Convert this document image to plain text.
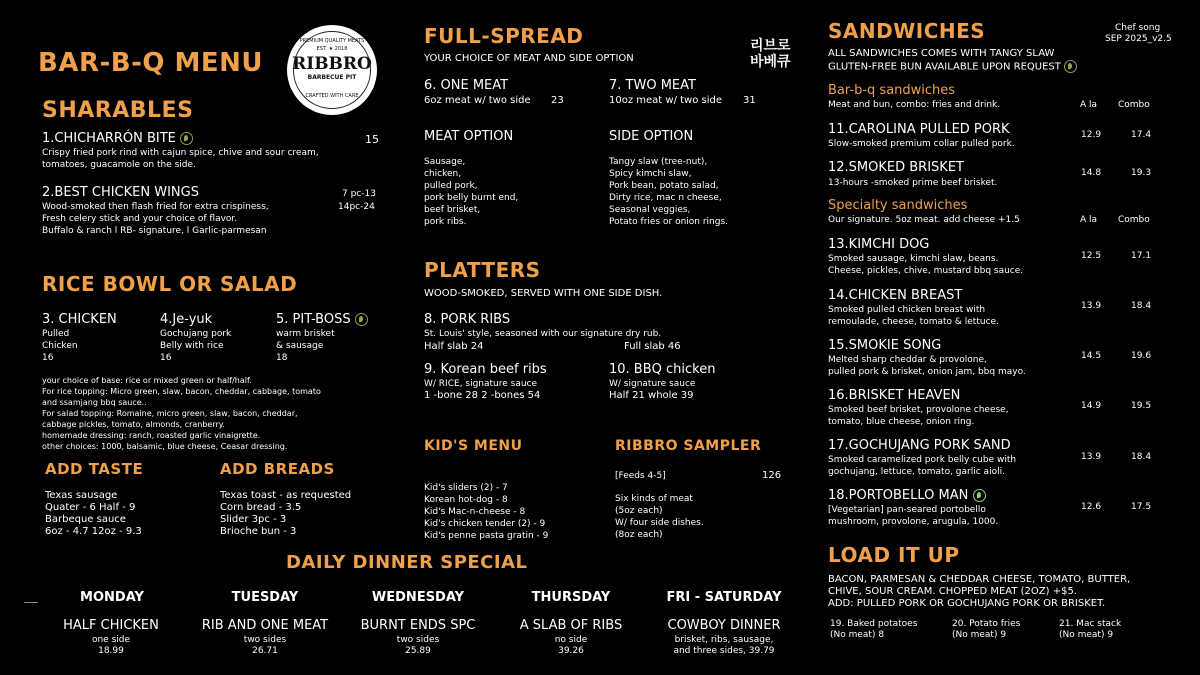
BAR-B-Q MENU
PREMIUM QUALITY MEATS
EST. ★ 2018
RIBBRO
BARBECUE PIT
CRAFTED WITH CARE
SHARABLES
1.CHICHARRÓN BITE	15
Crispy fried pork rind with cajun spice, chive and sour cream,
tomatoes, guacamole on the side.
2.BEST CHICKEN WINGS	7 pc-13
14pc-24
Wood-smoked then flash fried for extra crispiness,
Fresh celery stick and your choice of flavor.
Buffalo & ranch l RB- signature, l Garlic-parmesan
RICE BOWL OR SALAD
3. CHICKEN
Pulled
Chicken
16
4.Je-yuk
Gochujang pork
Belly with rice
16
5. PIT-BOSS
warm brisket
& sausage
18
your choice of base: rice or mixed green or half/half.
For rice topping: Micro green, slaw, bacon, cheddar, cabbage, tomato
and ssamjang bbq sauce..
For salad topping: Romaine, micro green, slaw, bacon, cheddar,
cabbage pickles, tomato, almonds, cranberry.
homemade dressing: ranch, roasted garlic vinaigrette.
other choices: 1000, balsamic, blue cheese, Ceasar dressing.
ADD TASTE
Texas sausage
Quater - 6 Half - 9
Barbeque sauce
6oz - 4.7 12oz - 9.3
ADD BREADS
Texas toast - as requested
Corn bread - 3.5
Slider 3pc - 3
Brioche bun - 3
FULL-SPREAD
YOUR CHOICE OF MEAT AND SIDE OPTION
리브로
바베큐
6. ONE MEAT
6oz meat w/ two side 23
7. TWO MEAT
10oz meat w/ two side 31
MEAT OPTION
Sausage,
chicken,
pulled pork,
pork belly burnt end,
beef brisket,
pork ribs.
SIDE OPTION
Tangy slaw (tree-nut),
Spicy kimchi slaw,
Pork bean, potato salad,
Dirty rice, mac n cheese,
Seasonal veggies,
Potato fries or onion rings.
PLATTERS
WOOD-SMOKED, SERVED WITH ONE SIDE DISH.
8. PORK RIBS
St. Louis' style, seasoned with our signature dry rub.
Half slab 24	Full slab 46
9. Korean beef ribs
W/ RICE, signature sauce
1 -bone 28 2 -bones 54
10. BBQ chicken
W/ signature sauce
Half 21 whole 39
KID'S MENU
Kid's sliders (2) - 7
Korean hot-dog - 8
Kid's Mac-n-cheese - 8
Kid's chicken tender (2) - 9
Kid's penne pasta gratin - 9
RIBBRO SAMPLER
[Feeds 4-5]	126
Six kinds of meat
(5oz each)
W/ four side dishes.
(8oz each)
DAILY DINNER SPECIAL
MONDAY
HALF CHICKEN
one side
18.99
TUESDAY
RIB AND ONE MEAT
two sides
26.71
WEDNESDAY
BURNT ENDS SPC
two sides
25.89
THURSDAY
A SLAB OF RIBS
no side
39.26
FRI - SATURDAY
COWBOY DINNER
brisket, ribs, sausage,
and three sides, 39.79
SANDWICHES	Chef song
SEP 2025_v2.5
ALL SANDWICHES COMES WITH TANGY SLAW
GLUTEN-FREE BUN AVAILABLE UPON REQUEST
Bar-b-q sandwiches
Meat and bun, combo: fries and drink.	A la Combo
11.CAROLINA PULLED PORK
Slow-smoked premium collar pulled pork.
12.9	17.4
12.SMOKED BRISKET
13-hours -smoked prime beef brisket.
14.8	19.3
Specialty sandwiches
Our signature. 5oz meat. add cheese +1.5	A la Combo
13.KIMCHI DOG
Smoked sausage, kimchi slaw, beans.
Cheese, pickles, chive, mustard bbq sauce.
12.5	17.1
14.CHICKEN BREAST
Smoked pulled chicken breast with
remoulade, cheese, tomato & lettuce.
13.9	18.4
15.SMOKIE SONG
Melted sharp cheddar & provolone,
pulled pork & brisket, onion jam, bbq mayo.
14.5	19.6
16.BRISKET HEAVEN
Smoked beef brisket, provolone cheese,
tomato, blue cheese, onion ring.
14.9	19.5
17.GOCHUJANG PORK SAND
Smoked caramelized pork belly cube with
gochujang, lettuce, tomato, garlic aioli.
13.9	18.4
18.PORTOBELLO MAN
[Vegetarian] pan-seared portobello
mushroom, provolone, arugula, 1000.
12.6	17.5
LOAD IT UP
BACON, PARMESAN & CHEDDAR CHEESE, TOMATO, BUTTER,
CHIVE, SOUR CREAM. CHOPPED MEAT (2OZ) +$5.
ADD: PULLED PORK OR GOCHUJANG PORK OR BRISKET.
19. Baked potatoes
(No meat) 8
20. Potato fries
(No meat) 9
21. Mac stack
(No meat) 9
